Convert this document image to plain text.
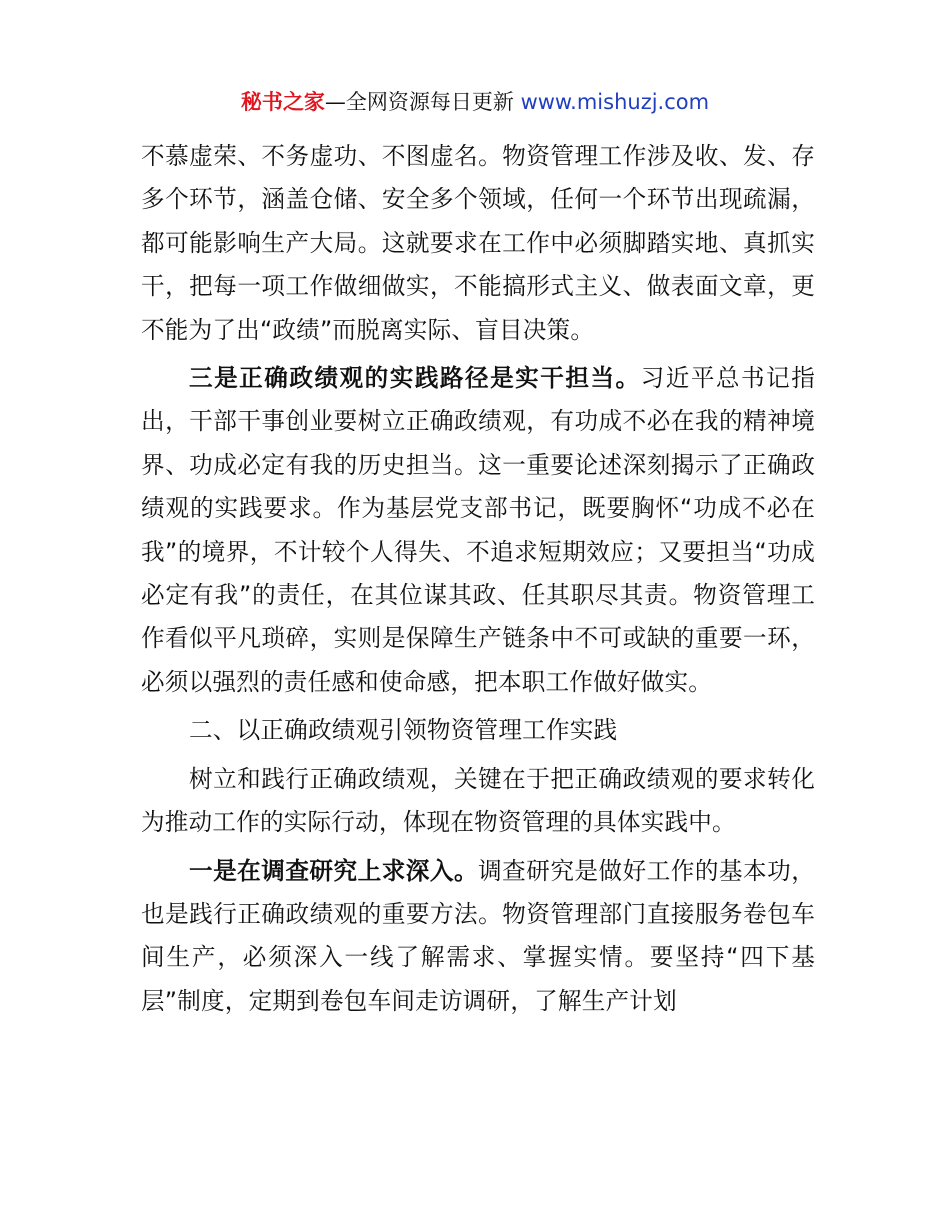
秘书之家—全网资源每日更新 www.mishuzj.com

不慕虚荣、不务虚功、不图虚名。物资管理工作涉及收、发、存多个环节，涵盖仓储、安全多个领域，任何一个环节出现疏漏，都可能影响生产大局。这就要求在工作中必须脚踏实地、真抓实干，把每一项工作做细做实，不能搞形式主义、做表面文章，更不能为了出“政绩”而脱离实际、盲目决策。

三是正确政绩观的实践路径是实干担当。习近平总书记指出，干部干事创业要树立正确政绩观，有功成不必在我的精神境界、功成必定有我的历史担当。这一重要论述深刻揭示了正确政绩观的实践要求。作为基层党支部书记，既要胸怀“功成不必在我”的境界，不计较个人得失、不追求短期效应；又要担当“功成必定有我”的责任，在其位谋其政、任其职尽其责。物资管理工作看似平凡琐碎，实则是保障生产链条中不可或缺的重要一环，必须以强烈的责任感和使命感，把本职工作做好做实。

二、以正确政绩观引领物资管理工作实践

树立和践行正确政绩观，关键在于把正确政绩观的要求转化为推动工作的实际行动，体现在物资管理的具体实践中。

一是在调查研究上求深入。调查研究是做好工作的基本功，也是践行正确政绩观的重要方法。物资管理部门直接服务卷包车间生产，必须深入一线了解需求、掌握实情。要坚持“四下基层”制度，定期到卷包车间走访调研，了解生产计划
